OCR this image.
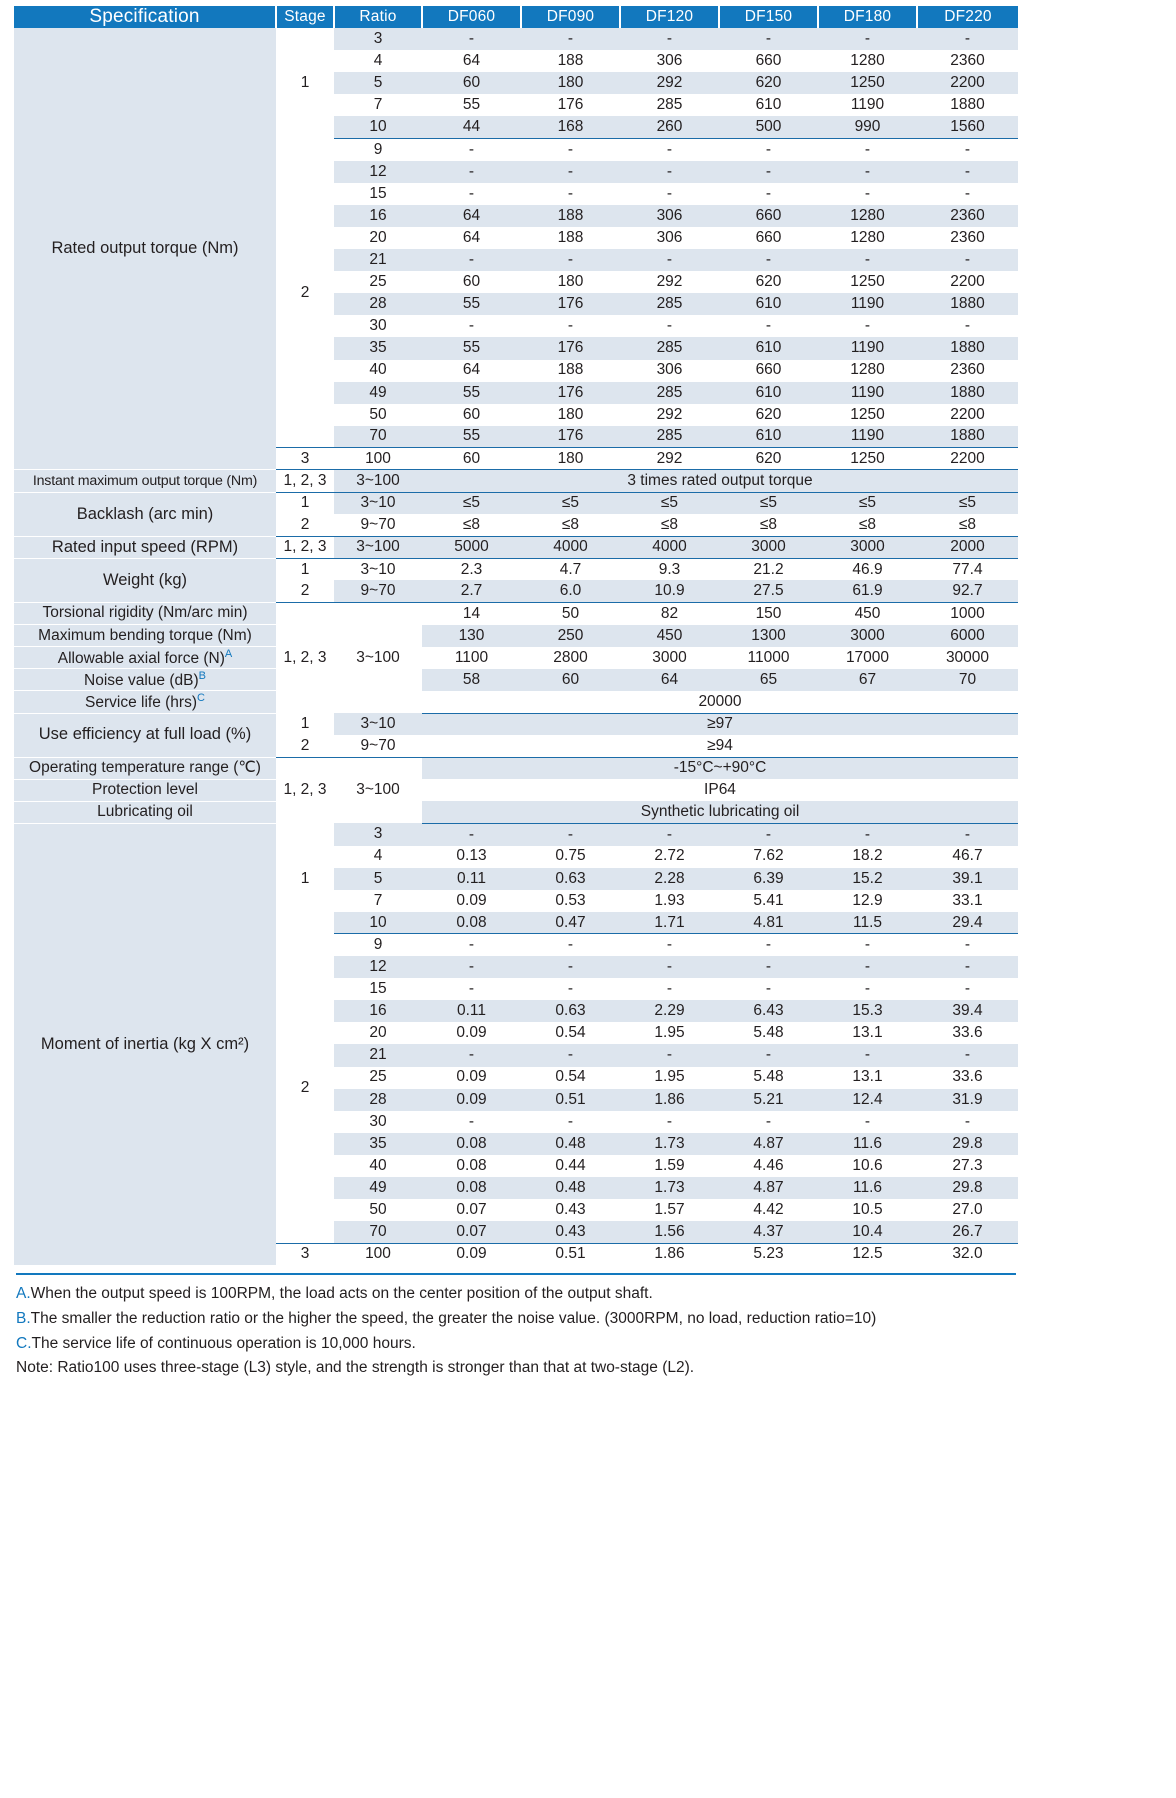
Specification	Stage	Ratio	DF060	DF090	DF120	DF150	DF180	DF220
Rated output torque (Nm)	1	3	-	-	-	-	-	-
		4	64	188	306	660	1280	2360
		5	60	180	292	620	1250	2200
		7	55	176	285	610	1190	1880
		10	44	168	260	500	990	1560
	2	9	-	-	-	-	-	-
		12	-	-	-	-	-	-
		15	-	-	-	-	-	-
		16	64	188	306	660	1280	2360
		20	64	188	306	660	1280	2360
		21	-	-	-	-	-	-
		25	60	180	292	620	1250	2200
		28	55	176	285	610	1190	1880
		30	-	-	-	-	-	-
		35	55	176	285	610	1190	1880
		40	64	188	306	660	1280	2360
		49	55	176	285	610	1190	1880
		50	60	180	292	620	1250	2200
		70	55	176	285	610	1190	1880
	3	100	60	180	292	620	1250	2200
Instant maximum output torque (Nm)	1, 2, 3	3~100	3 times rated output torque					
Backlash (arc min)	1	3~10	≤5	≤5	≤5	≤5	≤5	≤5
	2	9~70	≤8	≤8	≤8	≤8	≤8	≤8
Rated input speed (RPM)	1, 2, 3	3~100	5000	4000	4000	3000	3000	2000
Weight (kg)	1	3~10	2.3	4.7	9.3	21.2	46.9	77.4
	2	9~70	2.7	6.0	10.9	27.5	61.9	92.7
Torsional rigidity (Nm/arc min)	1, 2, 3	3~100	14	50	82	150	450	1000
Maximum bending torque (Nm)			130	250	450	1300	3000	6000
Allowable axial force (N)$^A$			1100	2800	3000	11000	17000	30000
Noise value (dB)$^B$			58	60	64	65	67	70
Service life (hrs)$^C$			20000					
Use efficiency at full load (%)	1	3~10	≥97					
	2	9~70	≥94					
Operating temperature range (℃)	1, 2, 3	3~100	-15°C~+90°C					
Protection level			IP64					
Lubricating oil			Synthetic lubricating oil					
Moment of inertia (kg X cm²)	1	3	-	-	-	-	-	-
		4	0.13	0.75	2.72	7.62	18.2	46.7
		5	0.11	0.63	2.28	6.39	15.2	39.1
		7	0.09	0.53	1.93	5.41	12.9	33.1
		10	0.08	0.47	1.71	4.81	11.5	29.4
	2	9	-	-	-	-	-	-
		12	-	-	-	-	-	-
		15	-	-	-	-	-	-
		16	0.11	0.63	2.29	6.43	15.3	39.4
		20	0.09	0.54	1.95	5.48	13.1	33.6
		21	-	-	-	-	-	-
		25	0.09	0.54	1.95	5.48	13.1	33.6
		28	0.09	0.51	1.86	5.21	12.4	31.9
		30	-	-	-	-	-	-
		35	0.08	0.48	1.73	4.87	11.6	29.8
		40	0.08	0.44	1.59	4.46	10.6	27.3
		49	0.08	0.48	1.73	4.87	11.6	29.8
		50	0.07	0.43	1.57	4.42	10.5	27.0
		70	0.07	0.43	1.56	4.37	10.4	26.7
	3	100	0.09	0.51	1.86	5.23	12.5	32.0

A.When the output speed is 100RPM, the load acts on the center position of the output shaft.

B.The smaller the reduction ratio or the higher the speed, the greater the noise value. (3000RPM, no load, reduction ratio=10)

C.The service life of continuous operation is 10,000 hours.

Note: Ratio100 uses three-stage (L3) style, and the strength is stronger than that at two-stage (L2).
